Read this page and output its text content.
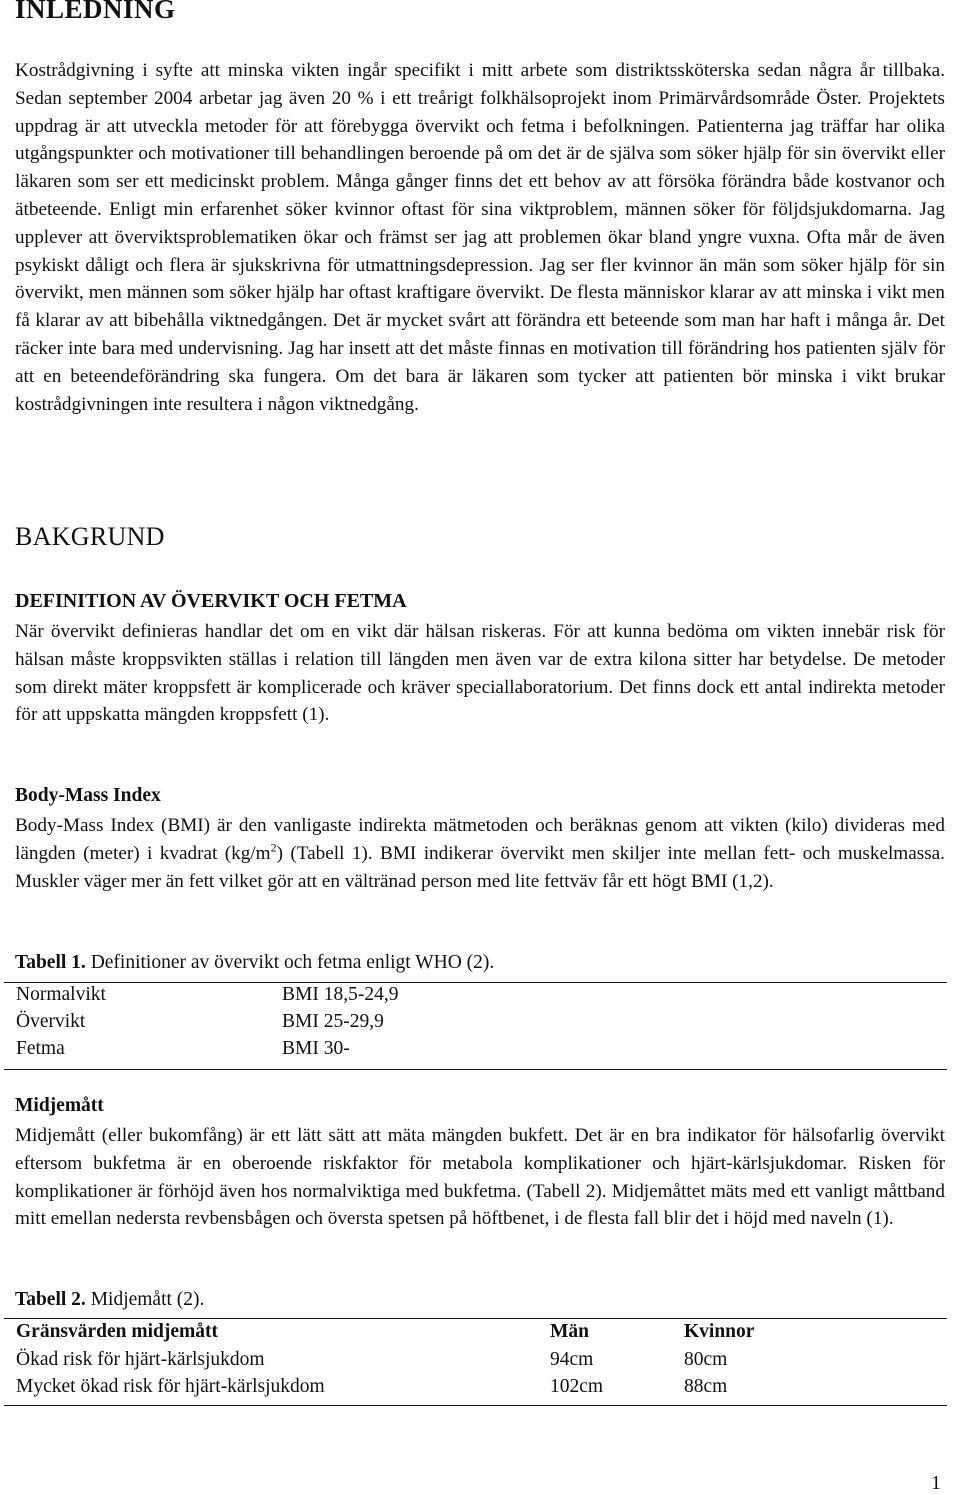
INLEDNING

Kostrådgivning i syfte att minska vikten ingår specifikt i mitt arbete som distriktssköterska sedan några år tillbaka. Sedan september 2004 arbetar jag även 20 % i ett treårigt folkhälsoprojekt inom Primärvårdsområde Öster. Projektets uppdrag är att utveckla metoder för att förebygga övervikt och fetma i befolkningen. Patienterna jag träffar har olika utgångspunkter och motivationer till behandlingen beroende på om det är de själva som söker hjälp för sin övervikt eller läkaren som ser ett medicinskt problem. Många gånger finns det ett behov av att försöka förändra både kostvanor och ätbeteende. Enligt min erfarenhet söker kvinnor oftast för sina viktproblem, männen söker för följdsjukdomarna. Jag upplever att överviktsproblematiken ökar och främst ser jag att problemen ökar bland yngre vuxna. Ofta mår de även psykiskt dåligt och flera är sjukskrivna för utmattningsdepression. Jag ser fler kvinnor än män som söker hjälp för sin övervikt, men männen som söker hjälp har oftast kraftigare övervikt. De flesta människor klarar av att minska i vikt men få klarar av att bibehålla viktnedgången. Det är mycket svårt att förändra ett beteende som man har haft i många år. Det räcker inte bara med undervisning. Jag har insett att det måste finnas en motivation till förändring hos patienten själv för att en beteendeförändring ska fungera. Om det bara är läkaren som tycker att patienten bör minska i vikt brukar kostrådgivningen inte resultera i någon viktnedgång.

BAKGRUND
DEFINITION AV ÖVERVIKT OCH FETMA

När övervikt definieras handlar det om en vikt där hälsan riskeras. För att kunna bedöma om vikten innebär risk för hälsan måste kroppsvikten ställas i relation till längden men även var de extra kilona sitter har betydelse. De metoder som direkt mäter kroppsfett är komplicerade och kräver speciallaboratorium. Det finns dock ett antal indirekta metoder för att uppskatta mängden kroppsfett (1).

Body-Mass Index

Body-Mass Index (BMI) är den vanligaste indirekta mätmetoden och beräknas genom att vikten (kilo) divideras med längden (meter) i kvadrat $(kg/m^2)$ (Tabell 1). BMI indikerar övervikt men skiljer inte mellan fett- och muskelmassa. Muskler väger mer än fett vilket gör att en vältränad person med lite fettväv får ett högt BMI (1,2).

Tabell 1. Definitioner av övervikt och fetma enligt WHO (2).

Normalvikt	BMI 18,5-24,9
Övervikt	BMI 25-29,9
Fetma	BMI 30-
Midjemått

Midjemått (eller bukomfång) är ett lätt sätt att mäta mängden bukfett. Det är en bra indikator för hälsofarlig övervikt eftersom bukfetma är en oberoende riskfaktor för metabola komplikationer och hjärt-kärlsjukdomar. Risken för komplikationer är förhöjd även hos normalviktiga med bukfetma. (Tabell 2). Midjemåttet mäts med ett vanligt måttband mitt emellan nedersta revbensbågen och översta spetsen på höftbenet, i de flesta fall blir det i höjd med naveln (1).

Tabell 2. Midjemått (2).

Gränsvärden midjemått	Män	Kvinnor
Ökad risk för hjärt-kärlsjukdom	94cm	80cm
Mycket ökad risk för hjärt-kärlsjukdom	102cm	88cm

1
